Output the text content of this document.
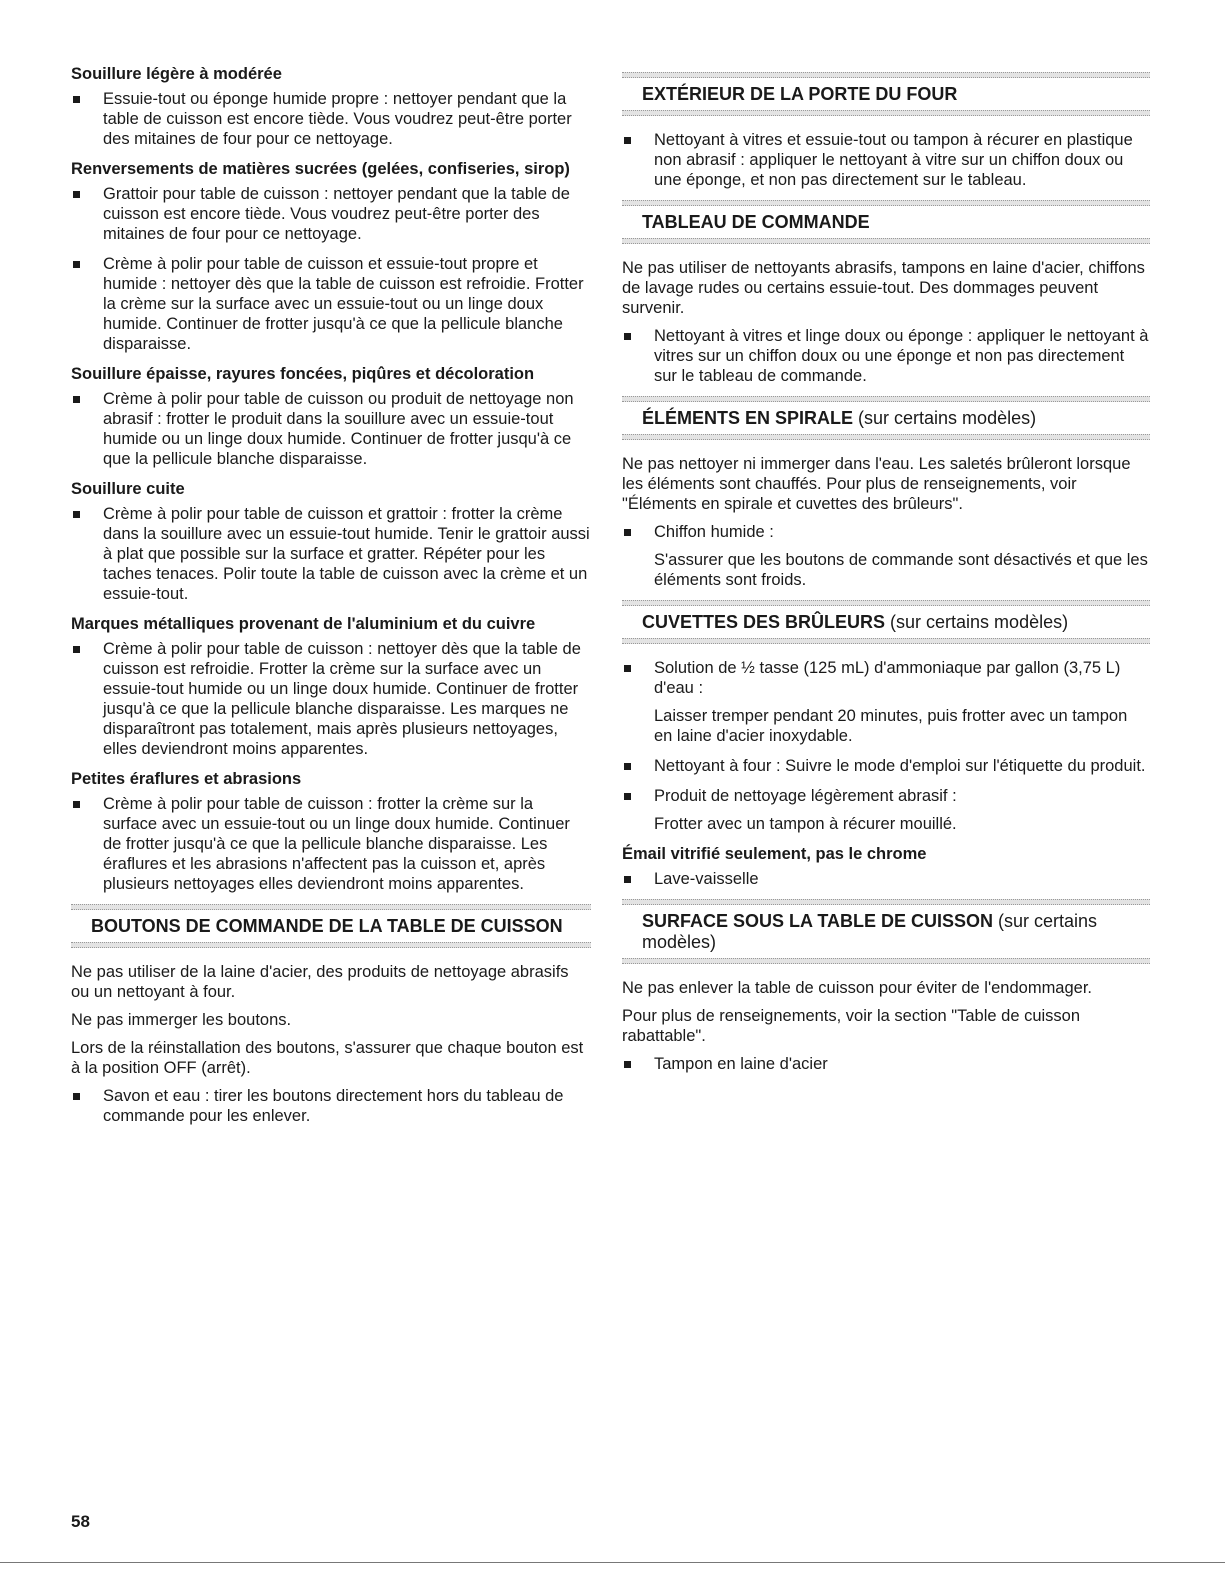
Souillure légère à modérée
Essuie-tout ou éponge humide propre : nettoyer pendant que la table de cuisson est encore tiède. Vous voudrez peut-être porter des mitaines de four pour ce nettoyage.
Renversements de matières sucrées (gelées, confiseries, sirop)
Grattoir pour table de cuisson : nettoyer pendant que la table de cuisson est encore tiède. Vous voudrez peut-être porter des mitaines de four pour ce nettoyage.
Crème à polir pour table de cuisson et essuie-tout propre et humide : nettoyer dès que la table de cuisson est refroidie. Frotter la crème sur la surface avec un essuie-tout ou un linge doux humide. Continuer de frotter jusqu'à ce que la pellicule blanche disparaisse.
Souillure épaisse, rayures foncées, piqûres et décoloration
Crème à polir pour table de cuisson ou produit de nettoyage non abrasif : frotter le produit dans la souillure avec un essuie-tout humide ou un linge doux humide. Continuer de frotter jusqu'à ce que la pellicule blanche disparaisse.
Souillure cuite
Crème à polir pour table de cuisson et grattoir : frotter la crème dans la souillure avec un essuie-tout humide. Tenir le grattoir aussi à plat que possible sur la surface et gratter. Répéter pour les taches tenaces. Polir toute la table de cuisson avec la crème et un essuie-tout.
Marques métalliques provenant de l'aluminium et du cuivre
Crème à polir pour table de cuisson : nettoyer dès que la table de cuisson est refroidie. Frotter la crème sur la surface avec un essuie-tout humide ou un linge doux humide. Continuer de frotter jusqu'à ce que la pellicule blanche disparaisse. Les marques ne disparaîtront pas totalement, mais après plusieurs nettoyages, elles deviendront moins apparentes.
Petites éraflures et abrasions
Crème à polir pour table de cuisson : frotter la crème sur la surface avec un essuie-tout ou un linge doux humide. Continuer de frotter jusqu'à ce que la pellicule blanche disparaisse. Les éraflures et les abrasions n'affectent pas la cuisson et, après plusieurs nettoyages elles deviendront moins apparentes.
BOUTONS DE COMMANDE DE LA TABLE DE CUISSON
Ne pas utiliser de la laine d'acier, des produits de nettoyage abrasifs ou un nettoyant à four.
Ne pas immerger les boutons.
Lors de la réinstallation des boutons, s'assurer que chaque bouton est à la position OFF (arrêt).
Savon et eau : tirer les boutons directement hors du tableau de commande pour les enlever.
EXTÉRIEUR DE LA PORTE DU FOUR
Nettoyant à vitres et essuie-tout ou tampon à récurer en plastique non abrasif : appliquer le nettoyant à vitre sur un chiffon doux ou une éponge, et non pas directement sur le tableau.
TABLEAU DE COMMANDE
Ne pas utiliser de nettoyants abrasifs, tampons en laine d'acier, chiffons de lavage rudes ou certains essuie-tout. Des dommages peuvent survenir.
Nettoyant à vitres et linge doux ou éponge : appliquer le nettoyant à vitres sur un chiffon doux ou une éponge et non pas directement sur le tableau de commande.
ÉLÉMENTS EN SPIRALE (sur certains modèles)
Ne pas nettoyer ni immerger dans l'eau. Les saletés brûleront lorsque les éléments sont chauffés. Pour plus de renseignements, voir "Éléments en spirale et cuvettes des brûleurs".
Chiffon humide :
S'assurer que les boutons de commande sont désactivés et que les éléments sont froids.
CUVETTES DES BRÛLEURS (sur certains modèles)
Solution de ½ tasse (125 mL) d'ammoniaque par gallon (3,75 L) d'eau :
Laisser tremper pendant 20 minutes, puis frotter avec un tampon en laine d'acier inoxydable.
Nettoyant à four : Suivre le mode d'emploi sur l'étiquette du produit.
Produit de nettoyage légèrement abrasif :
Frotter avec un tampon à récurer mouillé.
Émail vitrifié seulement, pas le chrome
Lave-vaisselle
SURFACE SOUS LA TABLE DE CUISSON (sur certains modèles)
Ne pas enlever la table de cuisson pour éviter de l'endommager.
Pour plus de renseignements, voir la section "Table de cuisson rabattable".
Tampon en laine d'acier
58
